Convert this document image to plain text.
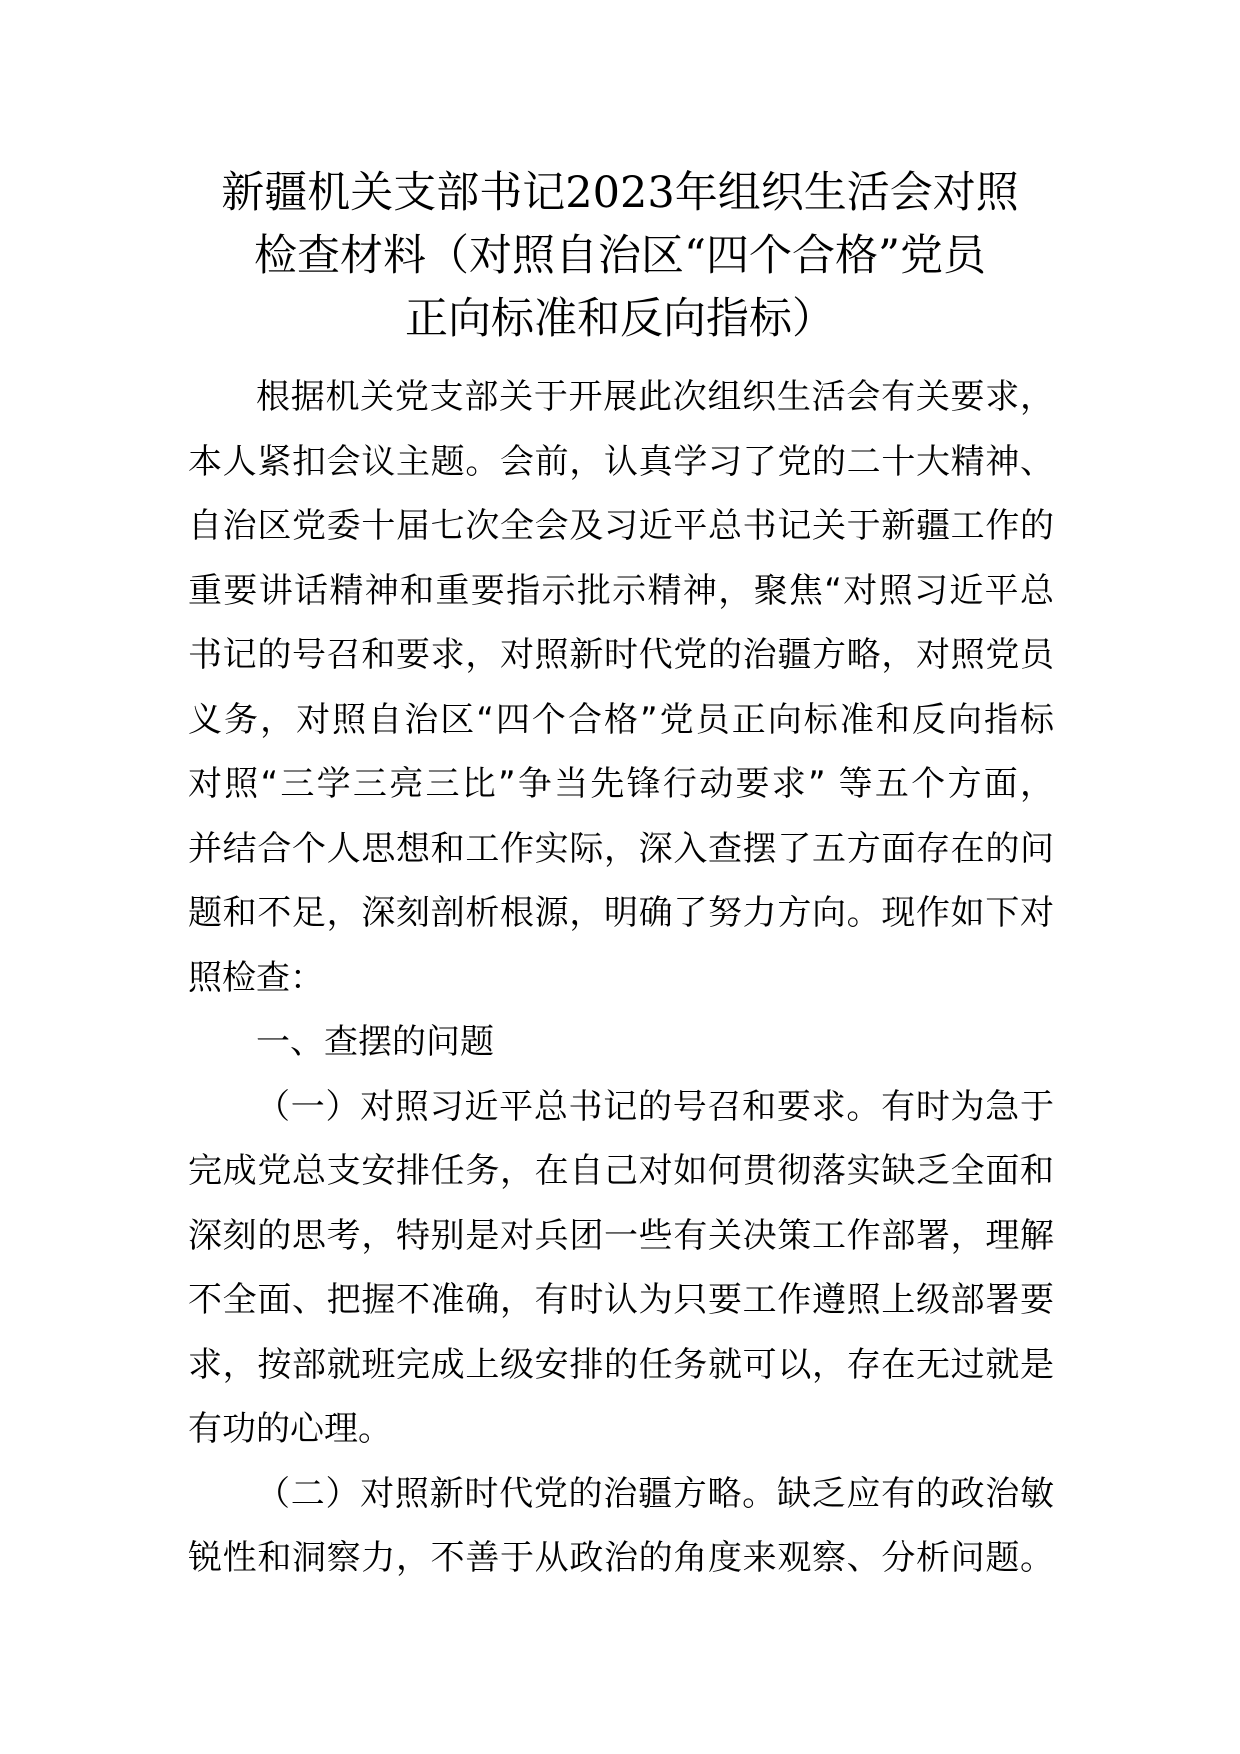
新疆机关支部书记2023年组织生活会对照
检查材料（对照自治区“四个合格”党员
正向标准和反向指标）
根据机关党支部关于开展此次组织生活会有关要求，
本人紧扣会议主题。会前，认真学习了党的二十大精神、
自治区党委十届七次全会及习近平总书记关于新疆工作的
重要讲话精神和重要指示批示精神，聚焦“对照习近平总
书记的号召和要求，对照新时代党的治疆方略，对照党员
义务，对照自治区“四个合格”党员正向标准和反向指标
对照“三学三亮三比”争当先锋行动要求” 等五个方面，
并结合个人思想和工作实际，深入查摆了五方面存在的问
题和不足，深刻剖析根源，明确了努力方向。现作如下对
照检查：
一、查摆的问题
（一）对照习近平总书记的号召和要求。有时为急于
完成党总支安排任务，在自己对如何贯彻落实缺乏全面和
深刻的思考，特别是对兵团一些有关决策工作部署，理解
不全面、把握不准确，有时认为只要工作遵照上级部署要
求，按部就班完成上级安排的任务就可以，存在无过就是
有功的心理。
（二）对照新时代党的治疆方略。缺乏应有的政治敏
锐性和洞察力，不善于从政治的角度来观察、分析问题。
